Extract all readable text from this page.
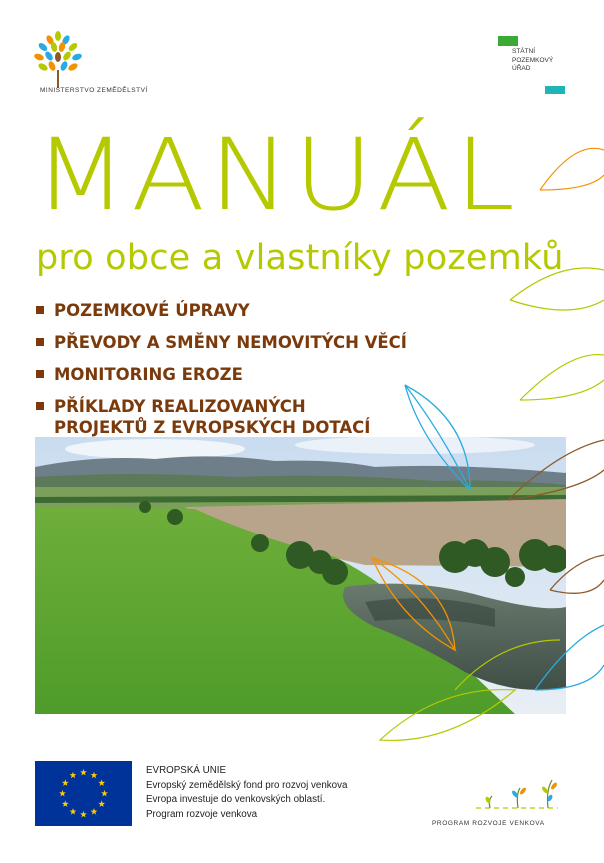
MINISTERSTVO ZEMĚDĚLSTVÍ
STÁTNÍ
POZEMKOVÝ
ÚŘAD
MANUÁL
pro obce a vlastníky pozemků
POZEMKOVÉ ÚPRAVY
PŘEVODY A SMĚNY NEMOVITÝCH VĚCÍ
MONITORING EROZE
PŘÍKLADY REALIZOVANÝCH
PROJEKTŮ Z EVROPSKÝCH DOTACÍ
EVROPSKÁ UNIE
Evropský zemědělský fond pro rozvoj venkova
Evropa investuje do venkovských oblastí.
Program rozvoje venkova
PROGRAM ROZVOJE VENKOVA
